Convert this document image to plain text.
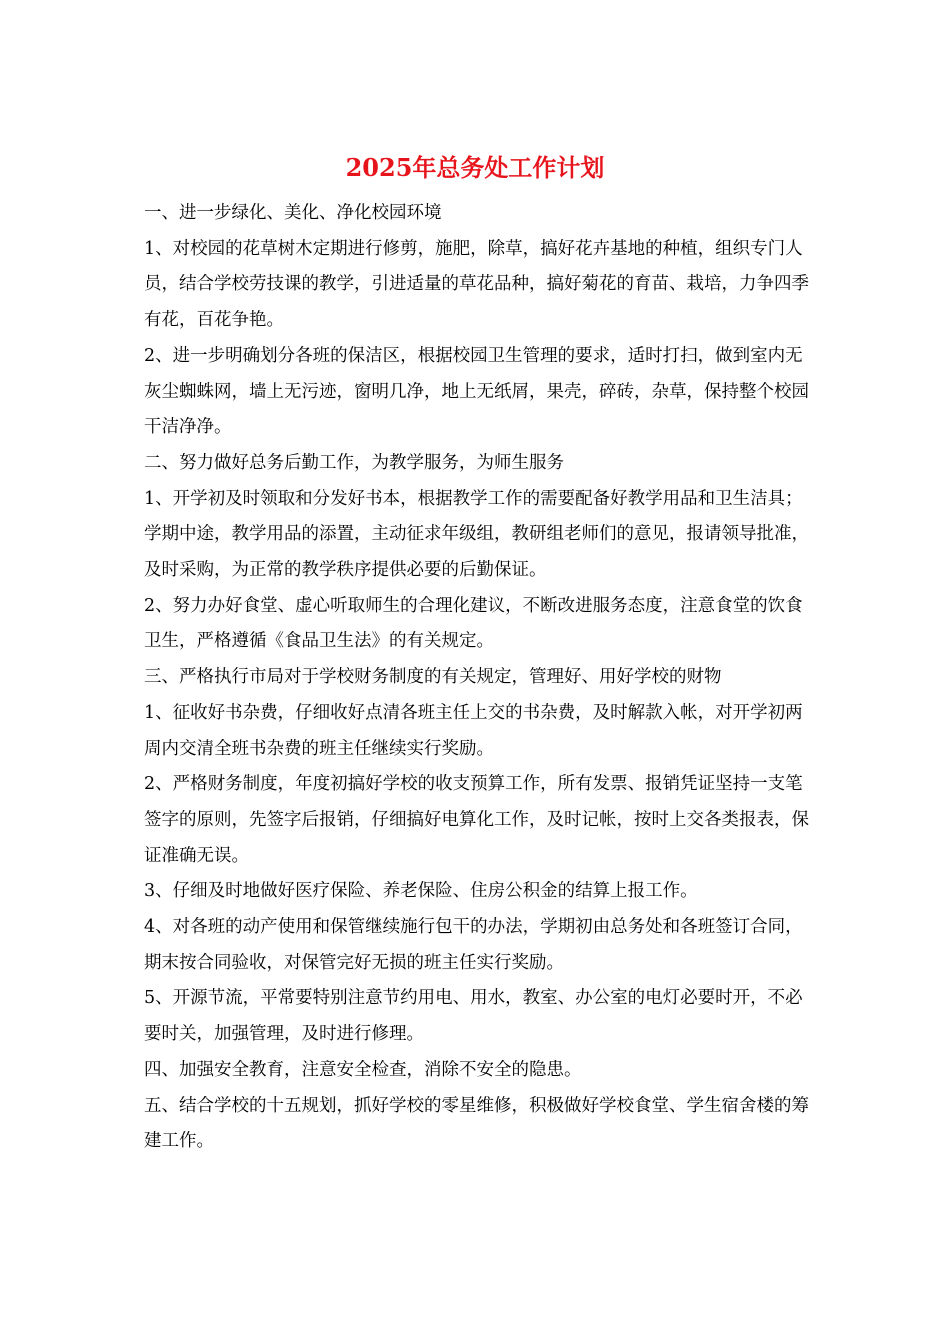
2025年总务处工作计划

一、进一步绿化、美化、净化校园环境

1、对校园的花草树木定期进行修剪，施肥，除草，搞好花卉基地的种植，组织专门人员，结合学校劳技课的教学，引进适量的草花品种，搞好菊花的育苗、栽培，力争四季有花，百花争艳。

2、进一步明确划分各班的保洁区，根据校园卫生管理的要求，适时打扫，做到室内无灰尘蜘蛛网，墙上无污迹，窗明几净，地上无纸屑，果壳，碎砖，杂草，保持整个校园干洁净净。

二、努力做好总务后勤工作，为教学服务，为师生服务

1、开学初及时领取和分发好书本，根据教学工作的需要配备好教学用品和卫生洁具；学期中途，教学用品的添置，主动征求年级组，教研组老师们的意见，报请领导批准，及时采购，为正常的教学秩序提供必要的后勤保证。

2、努力办好食堂、虚心听取师生的合理化建议，不断改进服务态度，注意食堂的饮食卫生，严格遵循《食品卫生法》的有关规定。

三、严格执行市局对于学校财务制度的有关规定，管理好、用好学校的财物

1、征收好书杂费，仔细收好点清各班主任上交的书杂费，及时解款入帐，对开学初两周内交清全班书杂费的班主任继续实行奖励。

2、严格财务制度，年度初搞好学校的收支预算工作，所有发票、报销凭证坚持一支笔签字的原则，先签字后报销，仔细搞好电算化工作，及时记帐，按时上交各类报表，保证准确无误。

3、仔细及时地做好医疗保险、养老保险、住房公积金的结算上报工作。

4、对各班的动产使用和保管继续施行包干的办法，学期初由总务处和各班签订合同，期末按合同验收，对保管完好无损的班主任实行奖励。

5、开源节流，平常要特别注意节约用电、用水，教室、办公室的电灯必要时开，不必要时关，加强管理，及时进行修理。

四、加强安全教育，注意安全检查，消除不安全的隐患。

五、结合学校的十五规划，抓好学校的零星维修，积极做好学校食堂、学生宿舍楼的筹建工作。
